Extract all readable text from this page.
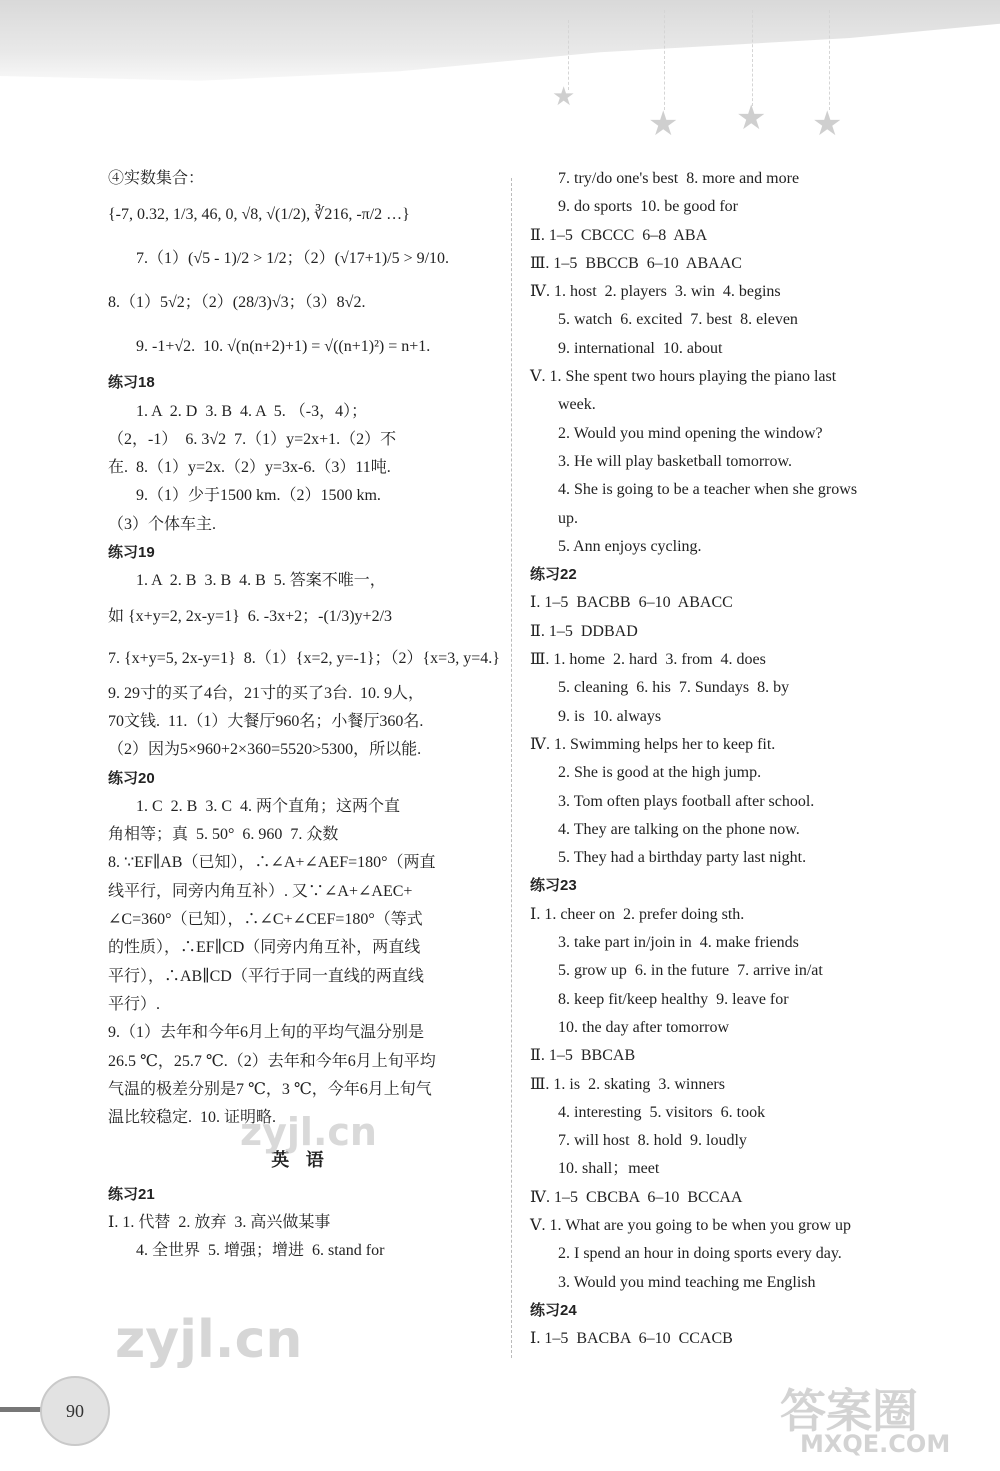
★
★ ★ ★
④实数集合：
{-7, 0.32, 1/3, 46, 0, √8, √(1/2), ∛216, -π/2 …}
7.（1）(√5 - 1)/2 > 1/2；（2）(√17+1)/5 > 9/10.
8.（1）5√2；（2）(28/3)√3；（3）8√2.
9. -1+√2.  10. √(n(n+2)+1) = √((n+1)²) = n+1.
练习18
1. A  2. D  3. B  4. A  5. （-3，4）；
（2，-1）  6. 3√2  7.（1）y=2x+1.（2）不
在.  8.（1）y=2x.（2）y=3x-6.（3）11吨.
9.（1）少于1500 km.（2）1500 km.
（3）个体车主.
练习19
1. A  2. B  3. B  4. B  5. 答案不唯一，
如 {x+y=2, 2x-y=1}  6. -3x+2；-(1/3)y+2/3
7. {x+y=5, 2x-y=1}  8.（1）{x=2, y=-1}；（2）{x=3, y=4.}
9. 29寸的买了4台，21寸的买了3台.  10. 9人，
70文钱.  11.（1）大餐厅960名；小餐厅360名.
（2）因为5×960+2×360=5520>5300，所以能.
练习20
1. C  2. B  3. C  4. 两个直角；这两个直
角相等；真  5. 50°  6. 960  7. 众数
8. ∵EF∥AB（已知），∴∠A+∠AEF=180°（两直
线平行，同旁内角互补）. 又∵∠A+∠AEC+
∠C=360°（已知），∴∠C+∠CEF=180°（等式
的性质），∴EF∥CD（同旁内角互补，两直线
平行），∴AB∥CD（平行于同一直线的两直线
平行）.
9.（1）去年和今年6月上旬的平均气温分别是
26.5 ℃，25.7 ℃.（2）去年和今年6月上旬平均
气温的极差分别是7 ℃，3 ℃，今年6月上旬气
温比较稳定.  10. 证明略.
英 语
练习21
Ⅰ. 1. 代替  2. 放弃  3. 高兴做某事
4. 全世界  5. 增强；增进  6. stand for
7. try/do one's best  8. more and more
9. do sports  10. be good for
Ⅱ. 1–5  CBCCC  6–8  ABA
Ⅲ. 1–5  BBCCB  6–10  ABAAC
Ⅳ. 1. host  2. players  3. win  4. begins
5. watch  6. excited  7. best  8. eleven
9. international  10. about
Ⅴ. 1. She spent two hours playing the piano last
week.
2. Would you mind opening the window?
3. He will play basketball tomorrow.
4. She is going to be a teacher when she grows
up.
5. Ann enjoys cycling.
练习22
Ⅰ. 1–5  BACBB  6–10  ABACC
Ⅱ. 1–5  DDBAD
Ⅲ. 1. home  2. hard  3. from  4. does
5. cleaning  6. his  7. Sundays  8. by
9. is  10. always
Ⅳ. 1. Swimming helps her to keep fit.
2. She is good at the high jump.
3. Tom often plays football after school.
4. They are talking on the phone now.
5. They had a birthday party last night.
练习23
Ⅰ. 1. cheer on  2. prefer doing sth.
3. take part in/join in  4. make friends
5. grow up  6. in the future  7. arrive in/at
8. keep fit/keep healthy  9. leave for
10. the day after tomorrow
Ⅱ. 1–5  BBCAB
Ⅲ. 1. is  2. skating  3. winners
4. interesting  5. visitors  6. took
7. will host  8. hold  9. loudly
10. shall；meet
Ⅳ. 1–5  CBCBA  6–10  BCCAA
Ⅴ. 1. What are you going to be when you grow up
2. I spend an hour in doing sports every day.
3. Would you mind teaching me English
练习24
Ⅰ. 1–5  BACBA  6–10  CCACB
zyjl.cn
zyjl.cn
答案圈
MXQE.COM
90
